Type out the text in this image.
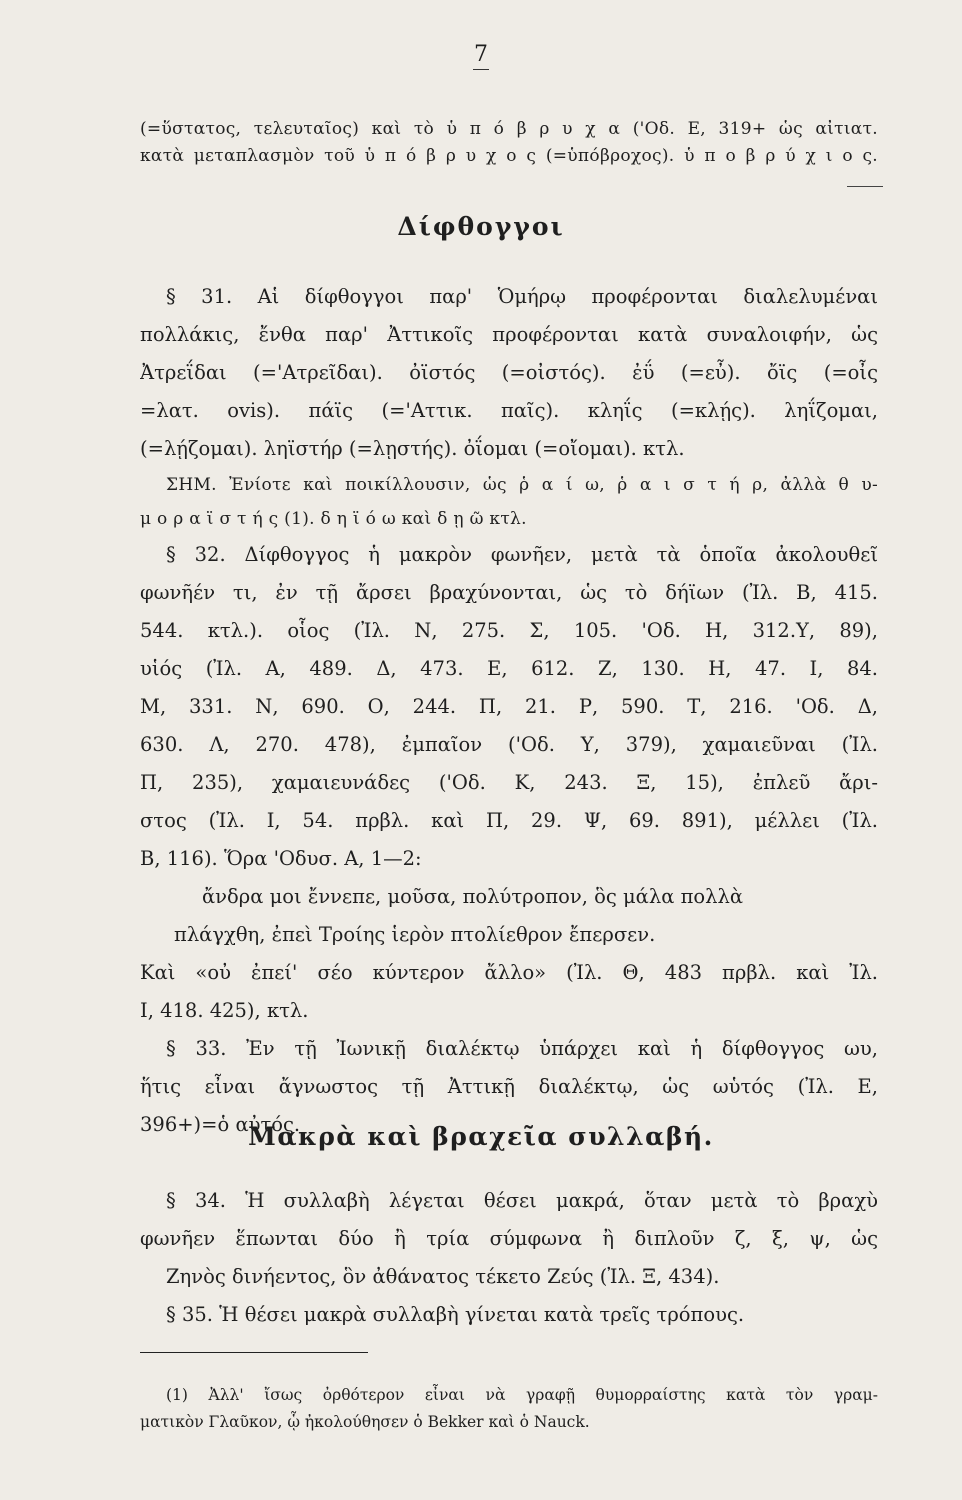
7
(=ὕστατος, τελευταῖος) καὶ τὸ ὑ π ό β ρ υ χ α ('Οδ. Ε, 319+ ὡς αἰτιατ.
κατὰ μεταπλασμὸν τοῦ ὑ π ό β ρ υ χ ο ς (=ὑπόβροχος). ὑ π ο β ρ ύ χ ι ο ς.
Δίφθογγοι
§ 31. Αἱ δίφθογγοι παρ' Ὁμήρῳ προφέρονται διαλελυμέναι
πολλάκις, ἔνθα παρ' Ἀττικοῖς προφέρονται κατὰ συναλοιφήν, ὡς
Ἀτρεΐδαι (='Ατρεῖδαι). ὀϊστός (=οἰστός). ἐΰ (=εὖ). ὄϊς (=οἶς
=λατ. ovis). πάϊς (='Αττικ. παῖς). κληΐς (=κλῄς). ληΐζομαι,
(=λῄζομαι). ληϊστήρ (=λῃστής). ὀΐομαι (=οἴομαι). κτλ.
ΣΗΜ. Ἐνίοτε καὶ ποικίλλουσιν, ὡς ῥ α ί ω, ῥ α ι σ τ ή ρ, ἀλλὰ θ υ-
μ ο ρ α ϊ σ τ ή ς (1). δ η ϊ ό ω καὶ δ ῃ ῶ κτλ.
§ 32. Δίφθογγος ἡ μακρὸν φωνῆεν, μετὰ τὰ ὁποῖα ἀκολουθεῖ
φωνῆέν τι, ἐν τῇ ἄρσει βραχύνονται, ὡς τὸ δήϊων (Ἰλ. Β, 415.
544. κτλ.). οἷος (Ἰλ. Ν, 275. Σ, 105. 'Οδ. Η, 312.Υ, 89),
υἱός (Ἰλ. Α, 489. Δ, 473. Ε, 612. Ζ, 130. Η, 47. Ι, 84.
Μ, 331. Ν, 690. Ο, 244. Π, 21. Ρ, 590. Τ, 216. 'Οδ. Δ,
630. Λ, 270. 478), ἐμπαῖον ('Οδ. Υ, 379), χαμαιεῦναι (Ἰλ.
Π, 235), χαμαιευνάδες ('Οδ. Κ, 243. Ξ, 15), ἐπλεῦ ἄρι-
στος (Ἰλ. Ι, 54. πρβλ. καὶ Π, 29. Ψ, 69. 891), μέλλει (Ἰλ.
Β, 116). Ὅρα 'Οδυσ. Α, 1—2:
ἄνδρα μοι ἔννεπε, μοῦσα, πολύτροπον, ὃς μάλα πολλὰ
πλάγχθη, ἐπεὶ Τροίης ἱερὸν πτολίεθρον ἔπερσεν.
Καὶ «οὐ ἐπεί' σέο κύντερον ἄλλο» (Ἰλ. Θ, 483 πρβλ. καὶ Ἰλ.
Ι, 418. 425), κτλ.
§ 33. Ἐν τῇ Ἰωνικῇ διαλέκτῳ ὑπάρχει καὶ ἡ δίφθογγος ωυ,
ἥτις εἶναι ἄγνωστος τῇ Ἀττικῇ διαλέκτῳ, ὡς ωὑτός (Ἰλ. Ε,
396+)=ὁ αὐτός.
Μακρὰ καὶ βραχεῖα συλλαβή.
§ 34. Ἡ συλλαβὴ λέγεται θέσει μακρά, ὅταν μετὰ τὸ βραχὺ
φωνῆεν ἕπωνται δύο ἢ τρία σύμφωνα ἢ διπλοῦν ζ, ξ, ψ, ὡς
Ζηνὸς δινήεντος, ὃν ἀθάνατος τέκετο Ζεύς (Ἰλ. Ξ, 434).
§ 35. Ἡ θέσει μακρὰ συλλαβὴ γίνεται κατὰ τρεῖς τρόπους.
(1) Ἀλλ' ἴσως ὀρθότερον εἶναι νὰ γραφῇ θυμορραίστης κατὰ τὸν γραμ-
ματικὸν Γλαῦκον, ᾧ ἠκολούθησεν ὁ Bekker καὶ ὁ Nauck.
